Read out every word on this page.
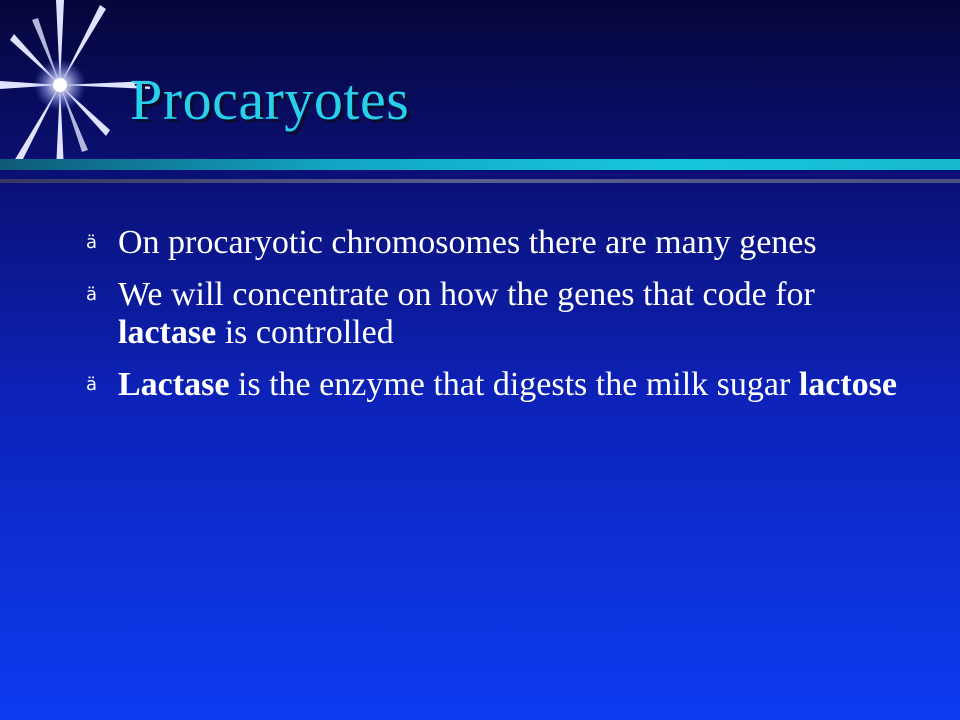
Procaryotes
ä On procaryotic chromosomes there are many genes
ä We will concentrate on how the genes that code for lactase is controlled
ä Lactase is the enzyme that digests the milk sugar lactose
